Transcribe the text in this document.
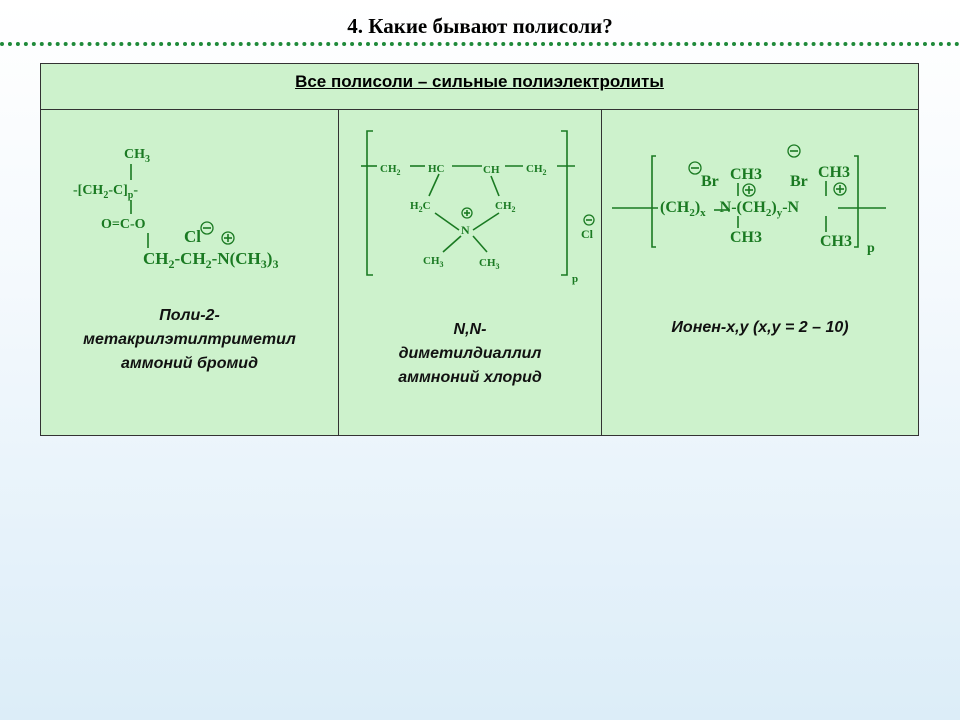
4. Какие бывают полисоли?
Все полисоли – сильные полиэлектролиты
$CH_3$
$-[CH_2-C]_p-$
O=C-O
Cl
$CH_2-CH_2-N(CH_3)_3$
Поли-2-
метакрилэтилтриметил
аммоний бромид
$CH_2$	HC	CH $CH_2$
$H_2C$	$CH_2$
N
$CH_3$	$CH_3$
Cl
p
N,N-
диметилдиаллил
аммноний хлорид
Br CH3 Br
CH3
$(CH_2)_x$ $N-(CH_2)_y-N$
CH3	CH3 p
Ионен-х,у (х,у = 2 – 10)
